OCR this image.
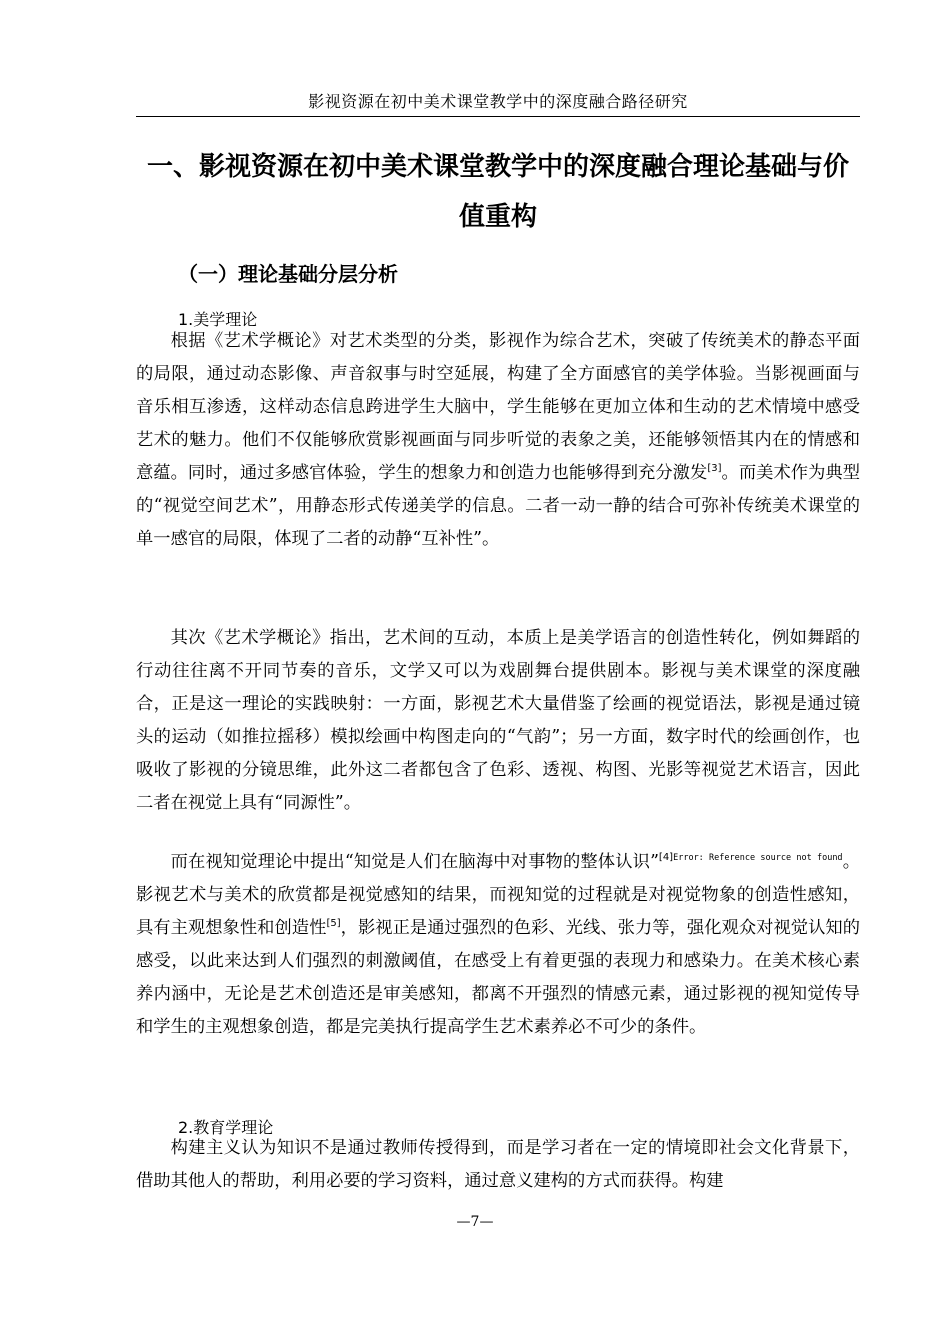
影视资源在初中美术课堂教学中的深度融合路径研究
一、影视资源在初中美术课堂教学中的深度融合理论基础与价值重构
（一）理论基础分层分析
1.美学理论
根据《艺术学概论》对艺术类型的分类，影视作为综合艺术，突破了传统美术的静态平面的局限，通过动态影像、声音叙事与时空延展，构建了全方面感官的美学体验。当影视画面与音乐相互渗透，这样动态信息跨进学生大脑中，学生能够在更加立体和生动的艺术情境中感受艺术的魅力。他们不仅能够欣赏影视画面与同步听觉的表象之美，还能够领悟其内在的情感和意蕴。同时，通过多感官体验，学生的想象力和创造力也能够得到充分激发[3]。而美术作为典型的“视觉空间艺术”，用静态形式传递美学的信息。二者一动一静的结合可弥补传统美术课堂的单一感官的局限，体现了二者的动静“互补性”。
其次《艺术学概论》指出，艺术间的互动，本质上是美学语言的创造性转化，例如舞蹈的行动往往离不开同节奏的音乐，文学又可以为戏剧舞台提供剧本。影视与美术课堂的深度融合，正是这一理论的实践映射：一方面，影视艺术大量借鉴了绘画的视觉语法，影视是通过镜头的运动（如推拉摇移）模拟绘画中构图走向的“气韵”；另一方面，数字时代的绘画创作，也吸收了影视的分镜思维，此外这二者都包含了色彩、透视、构图、光影等视觉艺术语言，因此二者在视觉上具有“同源性”。
而在视知觉理论中提出“知觉是人们在脑海中对事物的整体认识”$^{[4]Error: Reference source not found}$。影视艺术与美术的欣赏都是视觉感知的结果，而视知觉的过程就是对视觉物象的创造性感知，具有主观想象性和创造性[5]，影视正是通过强烈的色彩、光线、张力等，强化观众对视觉认知的感受，以此来达到人们强烈的刺激阈值，在感受上有着更强的表现力和感染力。在美术核心素养内涵中，无论是艺术创造还是审美感知，都离不开强烈的情感元素，通过影视的视知觉传导和学生的主观想象创造，都是完美执行提高学生艺术素养必不可少的条件。
2.教育学理论
构建主义认为知识不是通过教师传授得到，而是学习者在一定的情境即社会文化背景下，借助其他人的帮助，利用必要的学习资料，通过意义建构的方式而获得。构建
—7—
